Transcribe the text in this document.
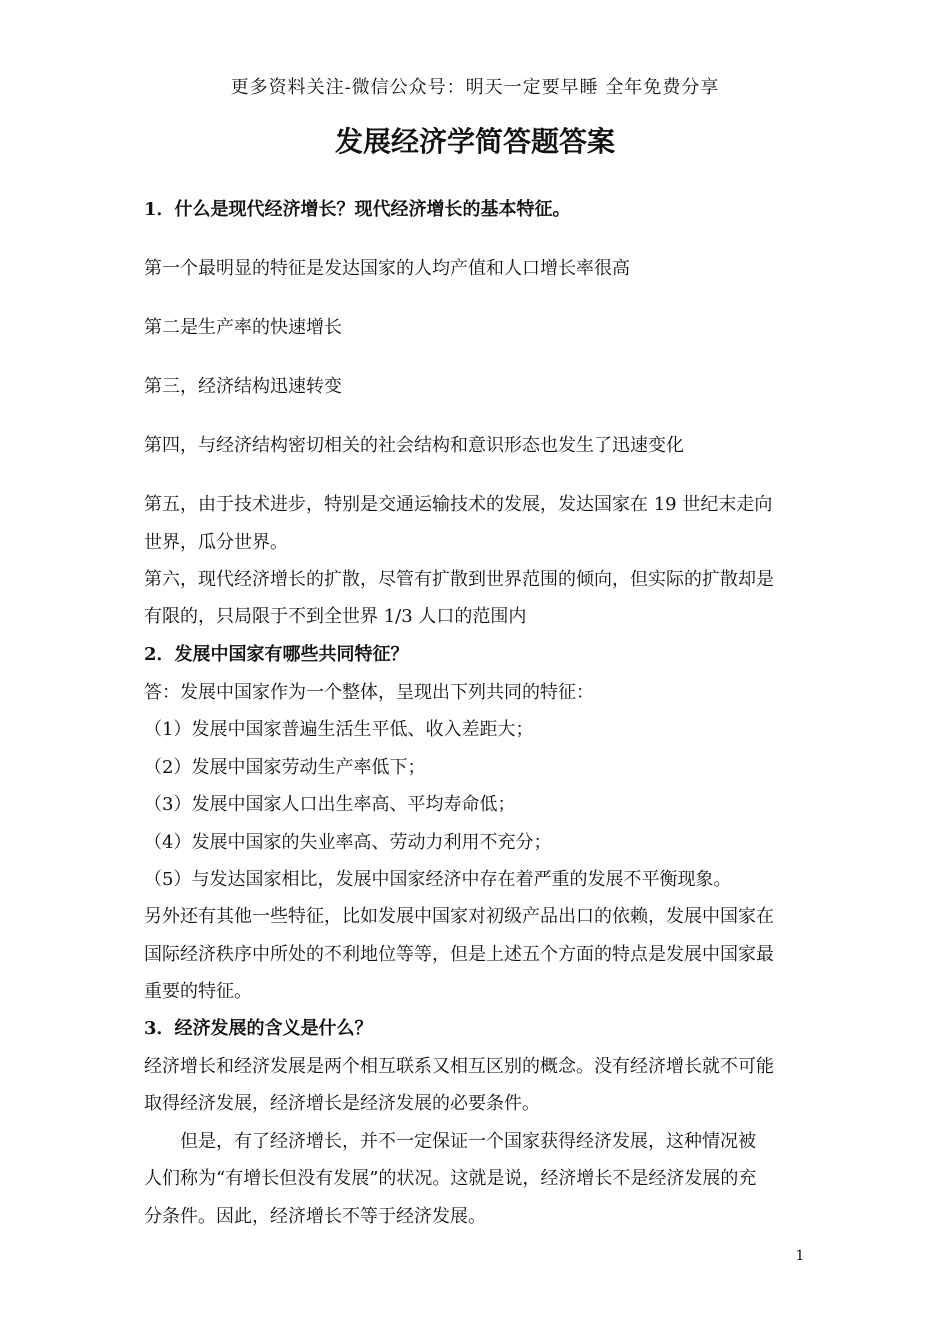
更多资料关注-微信公众号：明天一定要早睡 全年免费分享
发展经济学简答题答案
1．什么是现代经济增长？现代经济增长的基本特征。
第一个最明显的特征是发达国家的人均产值和人口增长率很高
第二是生产率的快速增长
第三，经济结构迅速转变
第四，与经济结构密切相关的社会结构和意识形态也发生了迅速变化
第五，由于技术进步，特别是交通运输技术的发展，发达国家在 19 世纪末走向
世界，瓜分世界。
第六，现代经济增长的扩散，尽管有扩散到世界范围的倾向，但实际的扩散却是
有限的，只局限于不到全世界 1/3 人口的范围内
2．发展中国家有哪些共同特征？
答：发展中国家作为一个整体，呈现出下列共同的特征：
（1）发展中国家普遍生活生平低、收入差距大；
（2）发展中国家劳动生产率低下；
（3）发展中国家人口出生率高、平均寿命低；
（4）发展中国家的失业率高、劳动力利用不充分；
（5）与发达国家相比，发展中国家经济中存在着严重的发展不平衡现象。
另外还有其他一些特征，比如发展中国家对初级产品出口的依赖，发展中国家在
国际经济秩序中所处的不利地位等等，但是上述五个方面的特点是发展中国家最
重要的特征。
3．经济发展的含义是什么？
经济增长和经济发展是两个相互联系又相互区别的概念。没有经济增长就不可能
取得经济发展，经济增长是经济发展的必要条件。
　　但是，有了经济增长，并不一定保证一个国家获得经济发展，这种情况被
人们称为“有增长但没有发展”的状况。这就是说，经济增长不是经济发展的充
分条件。因此，经济增长不等于经济发展。
1
